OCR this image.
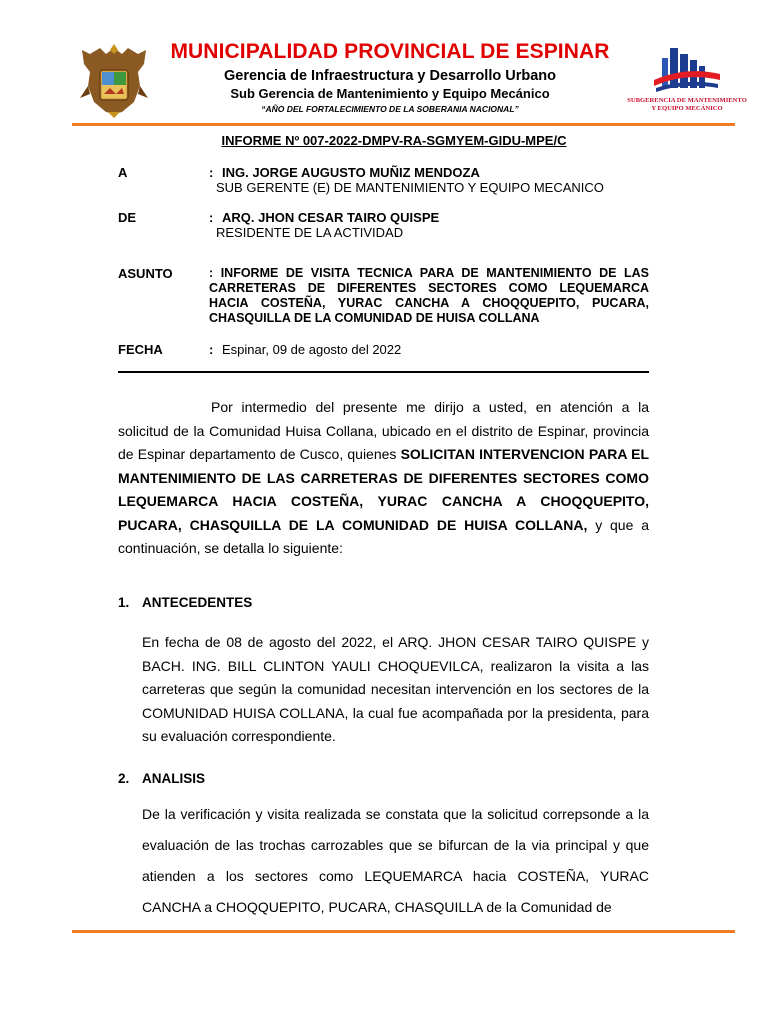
MUNICIPALIDAD PROVINCIAL DE ESPINAR
Gerencia de Infraestructura y Desarrollo Urbano
Sub Gerencia de Mantenimiento y Equipo Mecánico
“AÑO DEL FORTALECIMIENTO DE LA SOBERANIA NACIONAL”
SUBGERENCIA DE MANTENIMIENTO
Y EQUIPO MECÁNICO
INFORME Nº 007-2022-DMPV-RA-SGMYEM-GIDU-MPE/C
A	: ING. JORGE AUGUSTO MUÑIZ MENDOZA
SUB GERENTE (E) DE MANTENIMIENTO Y EQUIPO MECANICO
DE	: ARQ. JHON CESAR TAIRO QUISPE
RESIDENTE DE LA ACTIVIDAD
ASUNTO	: INFORME DE VISITA TECNICA PARA DE MANTENIMIENTO DE LAS CARRETERAS DE DIFERENTES SECTORES COMO LEQUEMARCA HACIA COSTEÑA, YURAC CANCHA A CHOQQUEPITO, PUCARA, CHASQUILLA DE LA COMUNIDAD DE HUISA COLLANA
FECHA	: Espinar, 09 de agosto del 2022
Por intermedio del presente me dirijo a usted, en atención a la solicitud de la Comunidad Huisa Collana, ubicado en el distrito de Espinar, provincia de Espinar departamento de Cusco, quienes SOLICITAN INTERVENCION PARA EL MANTENIMIENTO DE LAS CARRETERAS DE DIFERENTES SECTORES COMO LEQUEMARCA HACIA COSTEÑA, YURAC CANCHA A CHOQQUEPITO, PUCARA, CHASQUILLA DE LA COMUNIDAD DE HUISA COLLANA, y que a continuación, se detalla lo siguiente:
1. ANTECEDENTES
En fecha de 08 de agosto del 2022, el ARQ. JHON CESAR TAIRO QUISPE y BACH. ING. BILL CLINTON YAULI CHOQUEVILCA, realizaron la visita a las carreteras que según la comunidad necesitan intervención en los sectores de la COMUNIDAD HUISA COLLANA, la cual fue acompañada por la presidenta, para su evaluación correspondiente.
2. ANALISIS
De la verificación y visita realizada se constata que la solicitud correpsonde a la evaluación de las trochas carrozables que se bifurcan de la via principal y que atienden a los sectores como LEQUEMARCA hacia COSTEÑA, YURAC CANCHA a CHOQQUEPITO, PUCARA, CHASQUILLA de la Comunidad de
